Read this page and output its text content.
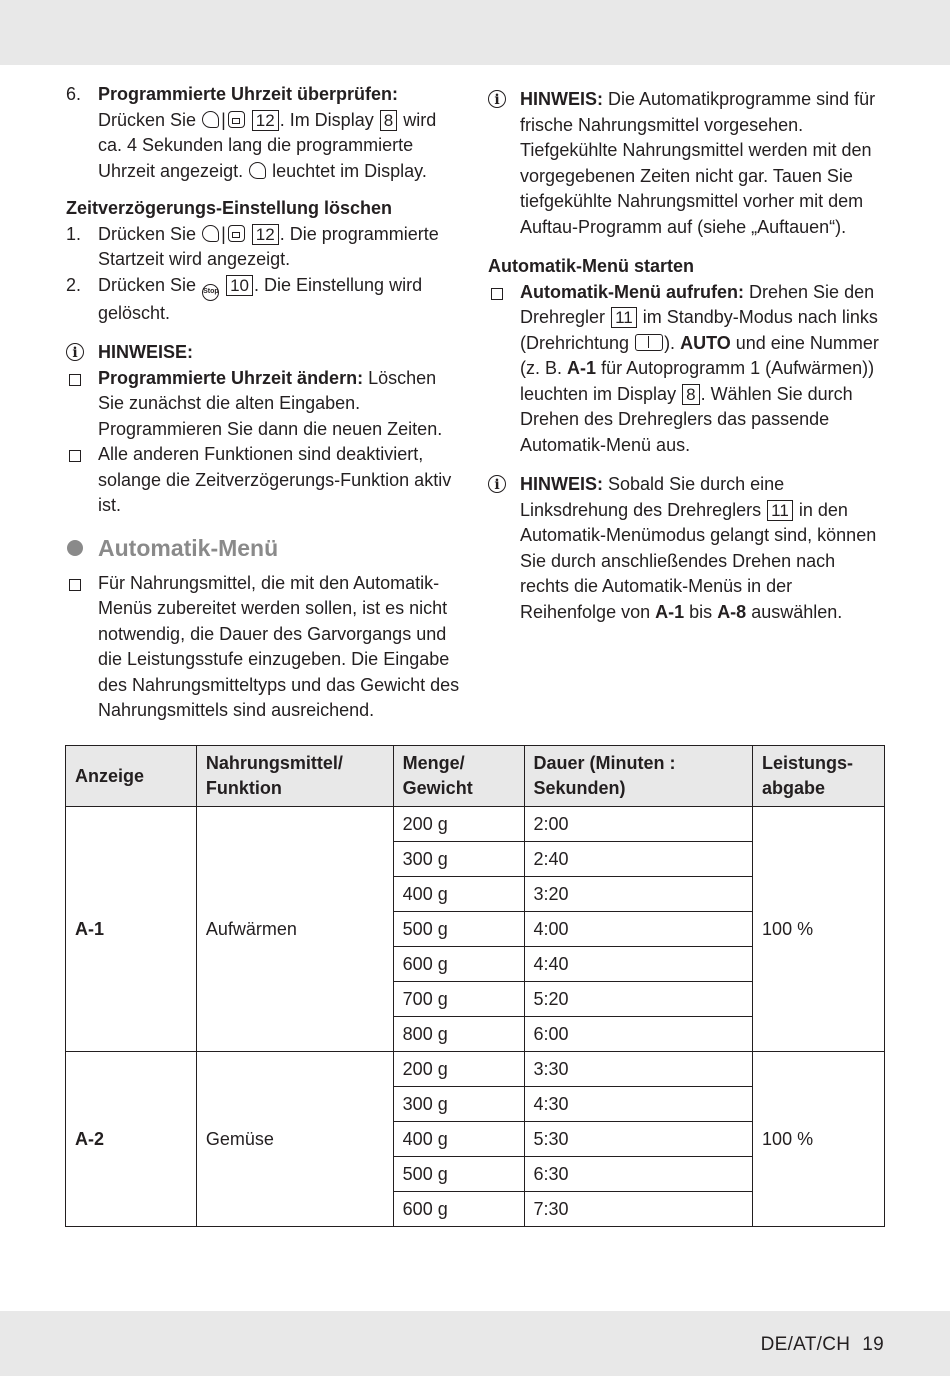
6. Programmierte Uhrzeit überprüfen:
Drücken Sie | 12 . Im Display 8 wird ca. 4 Sekunden lang die programmierte Uhrzeit angezeigt. leuchtet im Display.
Zeitverzögerungs-Einstellung löschen
1. Drücken Sie | 12 . Die programmierte Startzeit wird angezeigt.
2. Drücken Sie Stop 10 . Die Einstellung wird gelöscht.
i	HINWEISE:
Programmierte Uhrzeit ändern: Löschen Sie zunächst die alten Eingaben. Programmieren Sie dann die neuen Zeiten.
Alle anderen Funktionen sind deaktiviert, solange die Zeitverzögerungs-Funktion aktiv ist.
Automatik-Menü
Für Nahrungsmittel, die mit den Automatik-Menüs zubereitet werden sollen, ist es nicht notwendig, die Dauer des Garvorgangs und die Leistungsstufe einzugeben. Die Eingabe des Nahrungsmitteltyps und das Gewicht des Nahrungsmittels sind ausreichend.
i	HINWEIS: Die Automatikprogramme sind für frische Nahrungsmittel vorgesehen. Tiefgekühlte Nahrungsmittel werden mit den vorgegebenen Zeiten nicht gar. Tauen Sie tiefgekühlte Nahrungsmittel vorher mit dem Auftau-Programm auf (siehe „Auftauen“).
Automatik-Menü starten
Automatik-Menü aufrufen: Drehen Sie den Drehregler 11 im Standby-Modus nach links (Drehrichtung ). AUTO und eine Nummer (z. B. A-1 für Autoprogramm 1 (Aufwärmen)) leuchten im Display 8 . Wählen Sie durch Drehen des Drehreglers das passende Automatik-Menü aus.
i	HINWEIS: Sobald Sie durch eine Linksdrehung des Drehreglers 11 in den Automatik-Menümodus gelangt sind, können Sie durch anschließendes Drehen nach rechts die Automatik-Menüs in der Reihenfolge von A-1 bis A-8 auswählen.
Anzeige	Nahrungsmittel/ Funktion	Menge/ Gewicht	Dauer (Minuten : Sekunden)	Leistungs-abgabe
A-1	Aufwärmen	200 g	2:00	100 %
		300 g	2:40	
		400 g	3:20	
		500 g	4:00	
		600 g	4:40	
		700 g	5:20	
		800 g	6:00	
A-2	Gemüse	200 g	3:30	100 %
		300 g	4:30	
		400 g	5:30	
		500 g	6:30	
		600 g	7:30	
DE/AT/CH 19
